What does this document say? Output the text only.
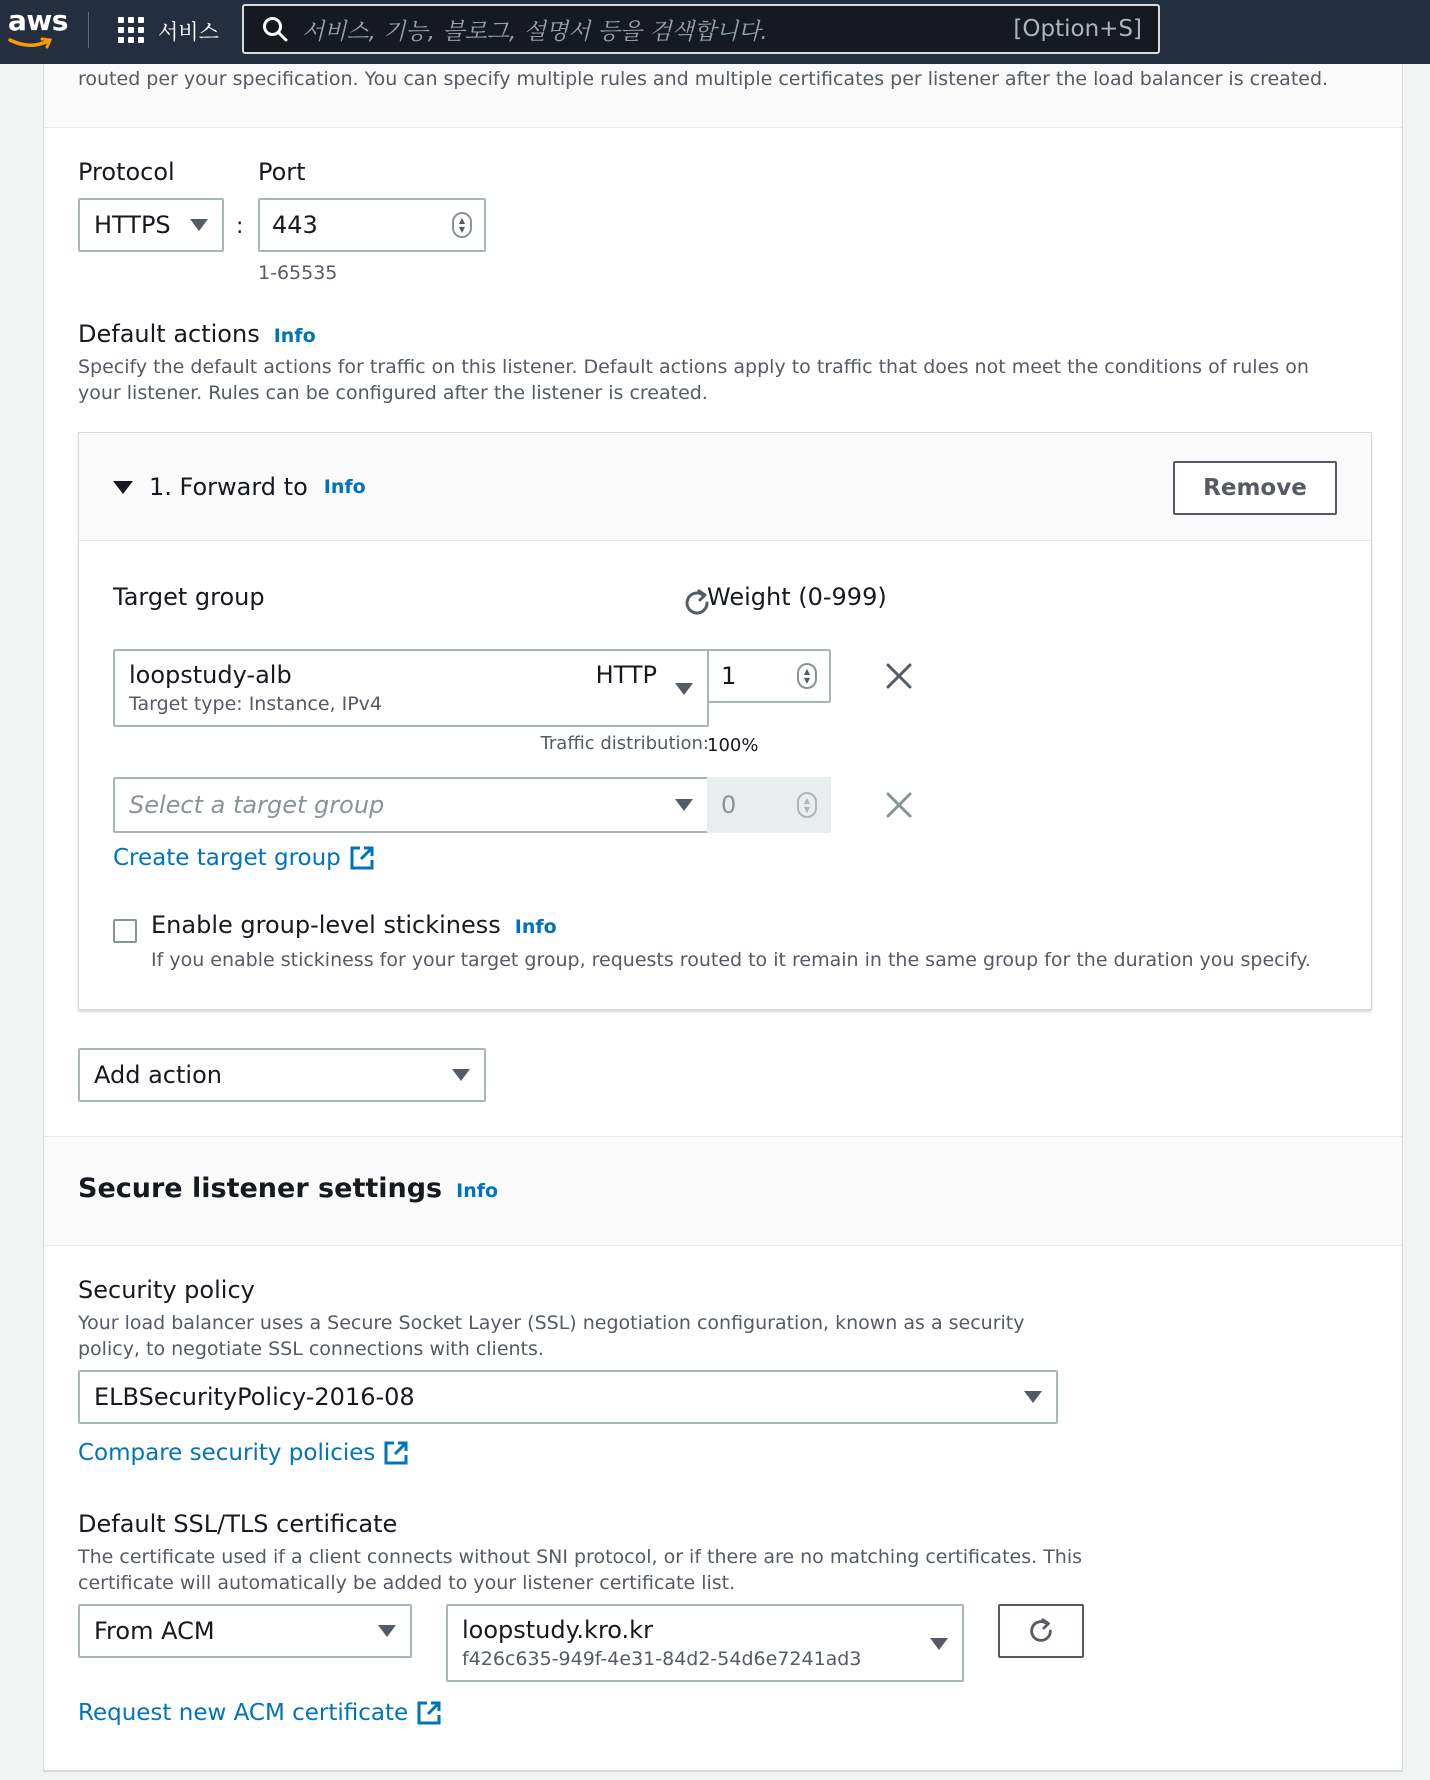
aws	서비스	서비스, 기능, 블로그, 설명서 등을 검색합니다.	[Option+S]
routed per your specification. You can specify multiple rules and multiple certificates per listener after the load balancer is created.
Protocol
HTTPS	:
Port
443	▲
▼
1-65535
Default actions Info
Specify the default actions for traffic on this listener. Default actions apply to traffic that does not meet the conditions of rules on your listener. Rules can be configured after the listener is created.
1. Forward to Info	Remove
Target group	Weight (0-999)
loopstudy-alb	HTTP
Target type: Instance, IPv4
1	▲
▼
Traffic distribution:
100%
Select a target group	0	▲
▼
Create target group
Enable group-level stickiness Info
If you enable stickiness for your target group, requests routed to it remain in the same group for the duration you specify.
Add action
Secure listener settings Info
Security policy
Your load balancer uses a Secure Socket Layer (SSL) negotiation configuration, known as a security policy, to negotiate SSL connections with clients.
ELBSecurityPolicy-2016-08
Compare security policies
Default SSL/TLS certificate
The certificate used if a client connects without SNI protocol, or if there are no matching certificates. This certificate will automatically be added to your listener certificate list.
From ACM	loopstudy.kro.kr
f426c635-949f-4e31-84d2-54d6e7241ad3
Request new ACM certificate
